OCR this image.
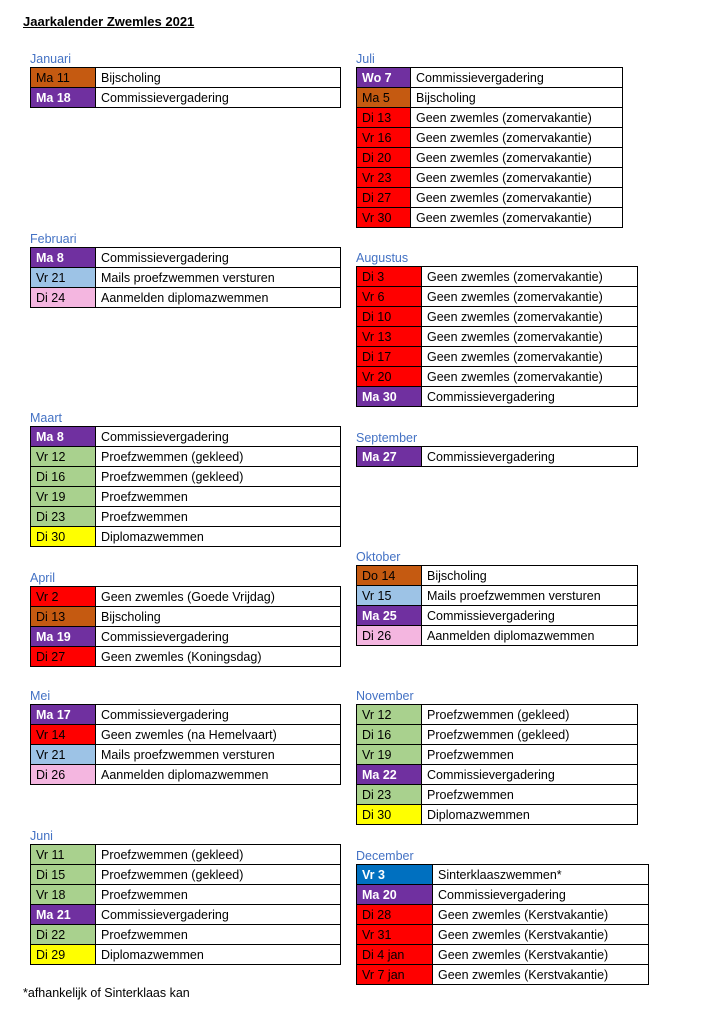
Jaarkalender Zwemles 2021
Januari
Ma 11	Bijscholing
Ma 18	Commissievergadering
Februari
Ma 8	Commissievergadering
Vr 21	Mails proefzwemmen versturen
Di 24	Aanmelden diplomazwemmen
Maart
Ma 8	Commissievergadering
Vr 12	Proefzwemmen (gekleed)
Di 16	Proefzwemmen (gekleed)
Vr 19	Proefzwemmen
Di 23	Proefzwemmen
Di 30	Diplomazwemmen
April
Vr 2	Geen zwemles (Goede Vrijdag)
Di 13	Bijscholing
Ma 19	Commissievergadering
Di 27	Geen zwemles (Koningsdag)
Mei
Ma 17	Commissievergadering
Vr 14	Geen zwemles (na Hemelvaart)
Vr 21	Mails proefzwemmen versturen
Di 26	Aanmelden diplomazwemmen
Juni
Vr 11	Proefzwemmen (gekleed)
Di 15	Proefzwemmen (gekleed)
Vr 18	Proefzwemmen
Ma 21	Commissievergadering
Di 22	Proefzwemmen
Di 29	Diplomazwemmen
Juli
Wo 7	Commissievergadering
Ma 5	Bijscholing
Di 13	Geen zwemles (zomervakantie)
Vr 16	Geen zwemles (zomervakantie)
Di 20	Geen zwemles (zomervakantie)
Vr 23	Geen zwemles (zomervakantie)
Di 27	Geen zwemles (zomervakantie)
Vr 30	Geen zwemles (zomervakantie)
Augustus
Di 3	Geen zwemles (zomervakantie)
Vr 6	Geen zwemles (zomervakantie)
Di 10	Geen zwemles (zomervakantie)
Vr 13	Geen zwemles (zomervakantie)
Di 17	Geen zwemles (zomervakantie)
Vr 20	Geen zwemles (zomervakantie)
Ma 30	Commissievergadering
September
Ma 27	Commissievergadering
Oktober
Do 14	Bijscholing
Vr 15	Mails proefzwemmen versturen
Ma 25	Commissievergadering
Di 26	Aanmelden diplomazwemmen
November
Vr 12	Proefzwemmen (gekleed)
Di 16	Proefzwemmen (gekleed)
Vr 19	Proefzwemmen
Ma 22	Commissievergadering
Di 23	Proefzwemmen
Di 30	Diplomazwemmen
December
Vr 3	Sinterklaaszwemmen*
Ma 20	Commissievergadering
Di 28	Geen zwemles (Kerstvakantie)
Vr 31	Geen zwemles (Kerstvakantie)
Di 4 jan	Geen zwemles (Kerstvakantie)
Vr 7 jan	Geen zwemles (Kerstvakantie)
*afhankelijk of Sinterklaas kan
